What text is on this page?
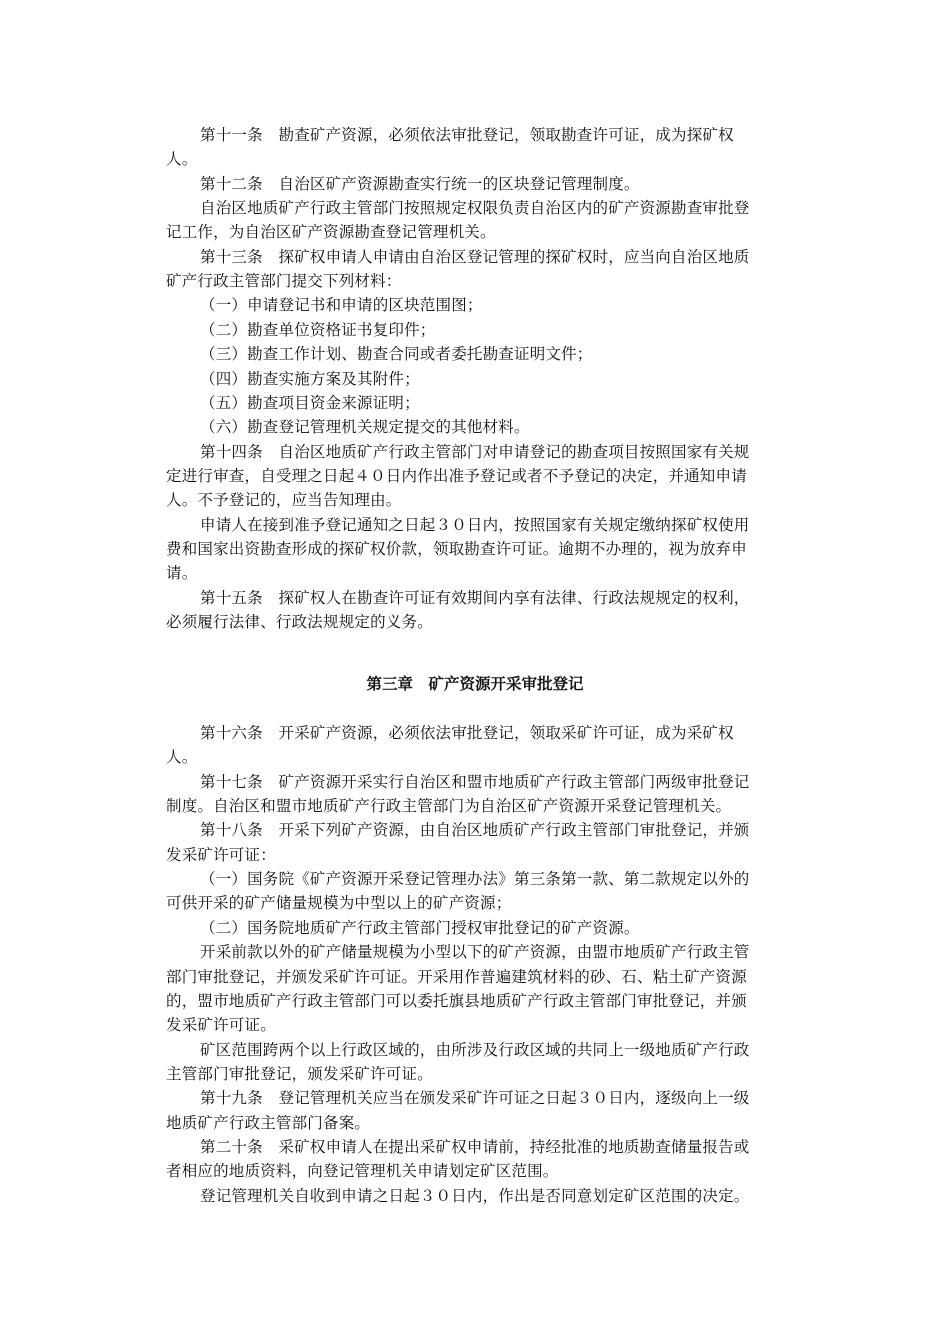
第十一条　勘查矿产资源，必须依法审批登记，领取勘查许可证，成为探矿权
人。
第十二条　自治区矿产资源勘查实行统一的区块登记管理制度。
自治区地质矿产行政主管部门按照规定权限负责自治区内的矿产资源勘查审批登
记工作，为自治区矿产资源勘查登记管理机关。
第十三条　探矿权申请人申请由自治区登记管理的探矿权时，应当向自治区地质
矿产行政主管部门提交下列材料：
（一）申请登记书和申请的区块范围图；
（二）勘查单位资格证书复印件；
（三）勘查工作计划、勘查合同或者委托勘查证明文件；
（四）勘查实施方案及其附件；
（五）勘查项目资金来源证明；
（六）勘查登记管理机关规定提交的其他材料。
第十四条　自治区地质矿产行政主管部门对申请登记的勘查项目按照国家有关规
定进行审查，自受理之日起４０日内作出准予登记或者不予登记的决定，并通知申请
人。不予登记的，应当告知理由。
申请人在接到准予登记通知之日起３０日内，按照国家有关规定缴纳探矿权使用
费和国家出资勘查形成的探矿权价款，领取勘查许可证。逾期不办理的，视为放弃申
请。
第十五条　探矿权人在勘查许可证有效期间内享有法律、行政法规规定的权利，
必须履行法律、行政法规规定的义务。
第三章　矿产资源开采审批登记
第十六条　开采矿产资源，必须依法审批登记，领取采矿许可证，成为采矿权
人。
第十七条　矿产资源开采实行自治区和盟市地质矿产行政主管部门两级审批登记
制度。自治区和盟市地质矿产行政主管部门为自治区矿产资源开采登记管理机关。
第十八条　开采下列矿产资源，由自治区地质矿产行政主管部门审批登记，并颁
发采矿许可证：
（一）国务院《矿产资源开采登记管理办法》第三条第一款、第二款规定以外的
可供开采的矿产储量规模为中型以上的矿产资源；
（二）国务院地质矿产行政主管部门授权审批登记的矿产资源。
开采前款以外的矿产储量规模为小型以下的矿产资源，由盟市地质矿产行政主管
部门审批登记，并颁发采矿许可证。开采用作普遍建筑材料的砂、石、粘土矿产资源
的，盟市地质矿产行政主管部门可以委托旗县地质矿产行政主管部门审批登记，并颁
发采矿许可证。
矿区范围跨两个以上行政区域的，由所涉及行政区域的共同上一级地质矿产行政
主管部门审批登记，颁发采矿许可证。
第十九条　登记管理机关应当在颁发采矿许可证之日起３０日内，逐级向上一级
地质矿产行政主管部门备案。
第二十条　采矿权申请人在提出采矿权申请前，持经批准的地质勘查储量报告或
者相应的地质资料，向登记管理机关申请划定矿区范围。
登记管理机关自收到申请之日起３０日内，作出是否同意划定矿区范围的决定。
